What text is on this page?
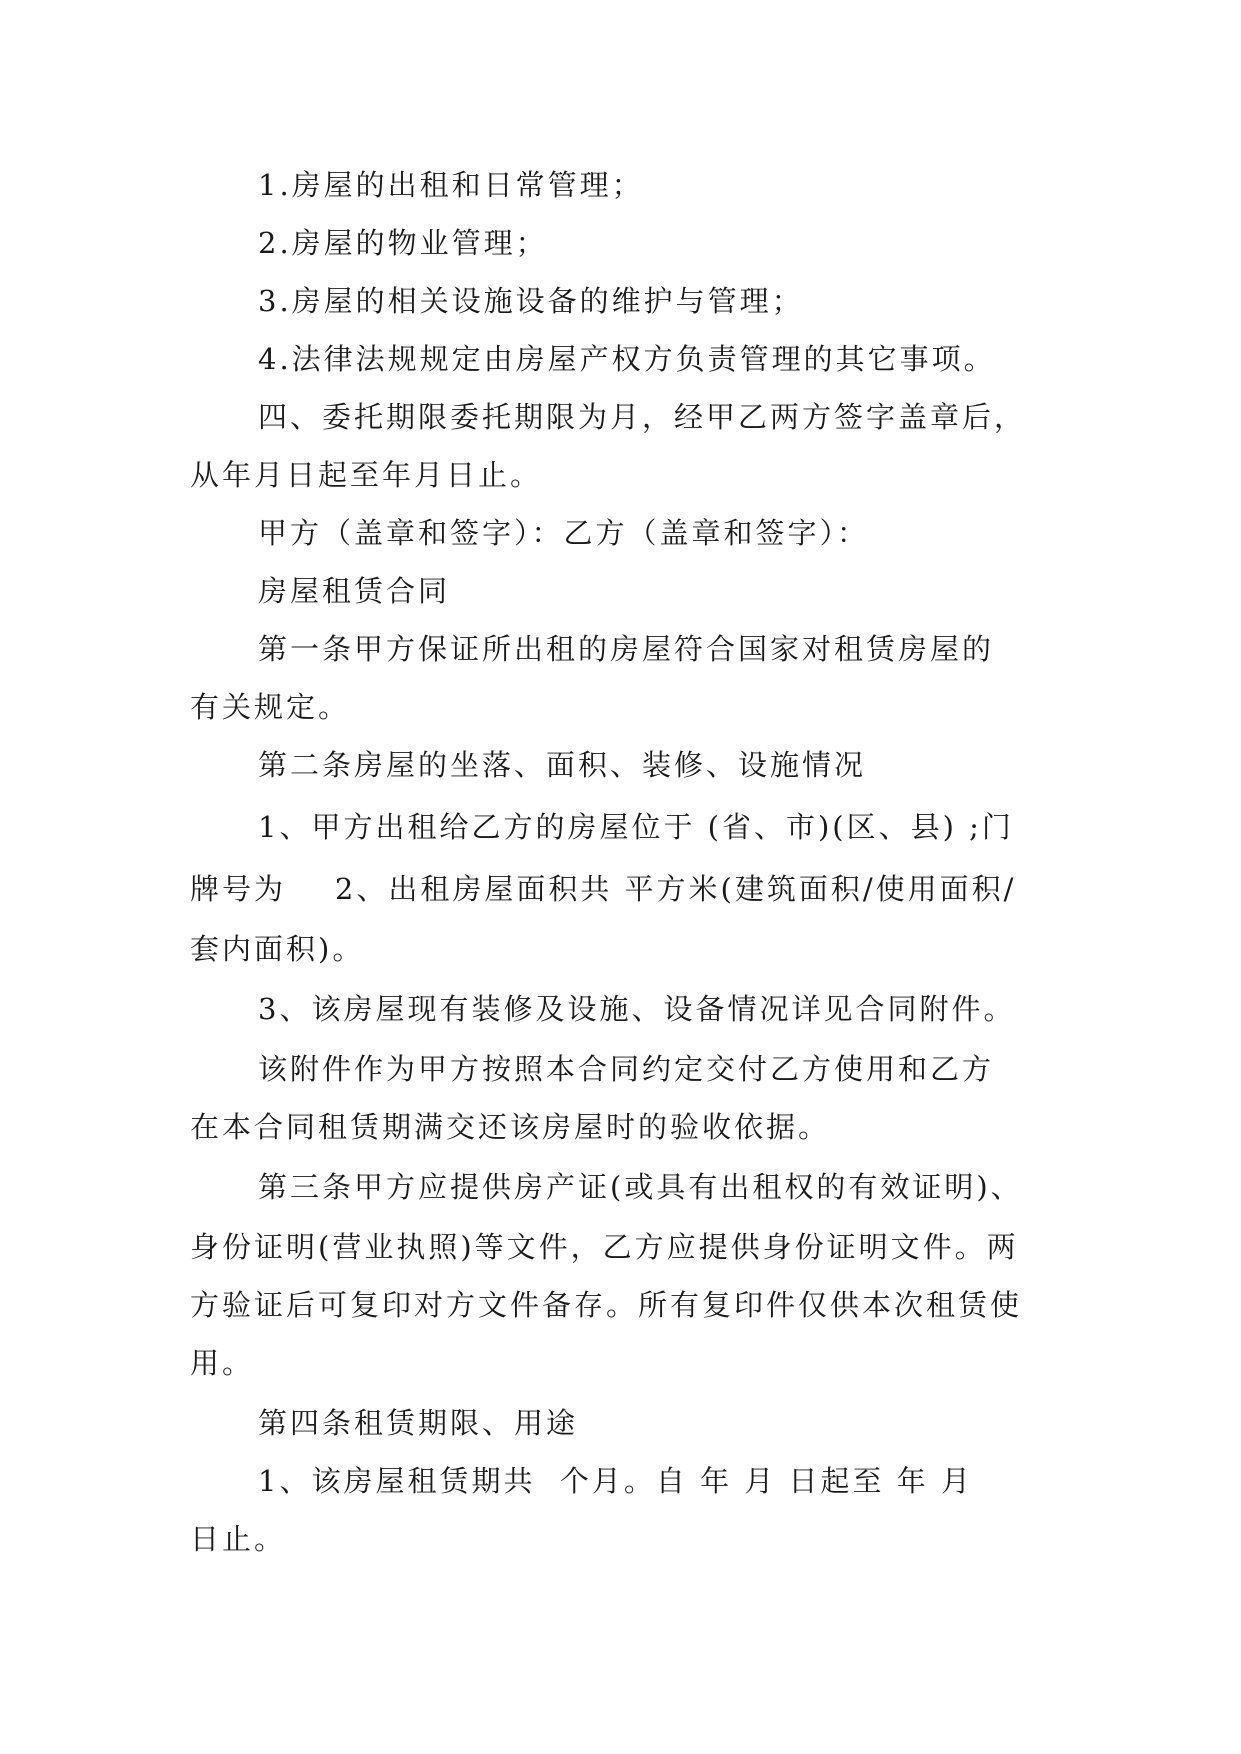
1.房屋的出租和日常管理；
2.房屋的物业管理；
3.房屋的相关设施设备的维护与管理；
4.法律法规规定由房屋产权方负责管理的其它事项。
四、委托期限委托期限为月，经甲乙两方签字盖章后，
从年月日起至年月日止。
甲方（盖章和签字）：乙方（盖章和签字）：
房屋租赁合同
第一条甲方保证所出租的房屋符合国家对租赁房屋的
有关规定。
第二条房屋的坐落、面积、装修、设施情况
1、甲方出租给乙方的房屋位于 (省、市)(区、县) ;门
牌号为    2、出租房屋面积共 平方米(建筑面积/使用面积/
套内面积)。
3、该房屋现有装修及设施、设备情况详见合同附件。
该附件作为甲方按照本合同约定交付乙方使用和乙方
在本合同租赁期满交还该房屋时的验收依据。
第三条甲方应提供房产证(或具有出租权的有效证明)、
身份证明(营业执照)等文件，乙方应提供身份证明文件。两
方验证后可复印对方文件备存。所有复印件仅供本次租赁使
用。
第四条租赁期限、用途
1、该房屋租赁期共  个月。自 年 月 日起至 年 月
日止。
